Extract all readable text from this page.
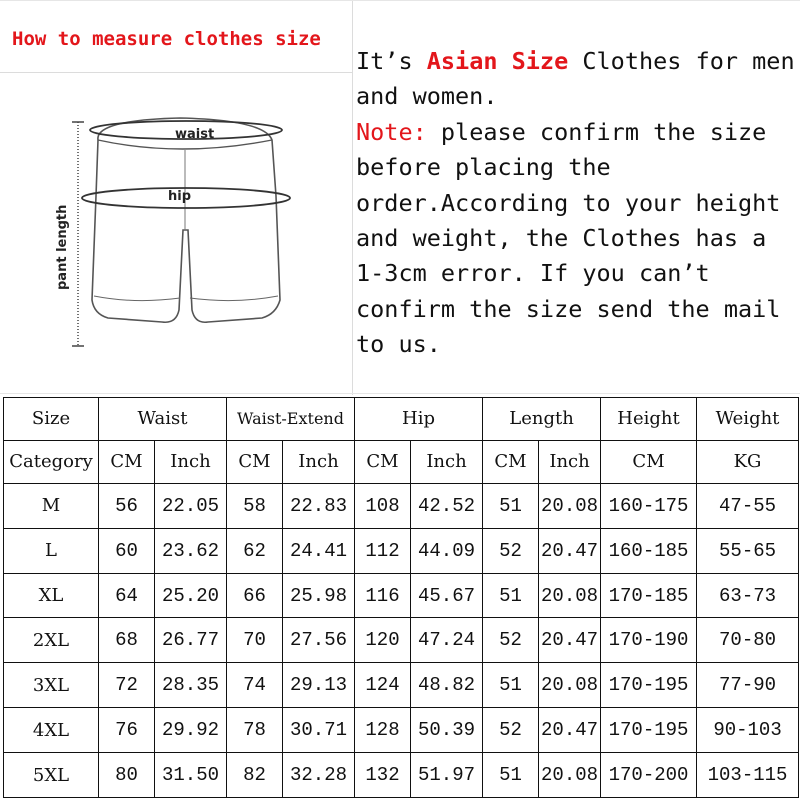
How to measure clothes size
pant length
waist
hip
It’s Asian Size Clothes for men and women.
Note: please confirm the size before placing the order.According to your height and weight, the Clothes has a 1-3cm error. If you can’t confirm the size send the mail to us.
Size	Waist		Waist-Extend		Hip		Length		Height	Weight
Category	CM	Inch	CM	Inch	CM	Inch	CM	Inch	CM	KG
M	56	22.05	58	22.83	108	42.52	51	20.08	160-175	47-55
L	60	23.62	62	24.41	112	44.09	52	20.47	160-185	55-65
XL	64	25.20	66	25.98	116	45.67	51	20.08	170-185	63-73
2XL	68	26.77	70	27.56	120	47.24	52	20.47	170-190	70-80
3XL	72	28.35	74	29.13	124	48.82	51	20.08	170-195	77-90
4XL	76	29.92	78	30.71	128	50.39	52	20.47	170-195	90-103
5XL	80	31.50	82	32.28	132	51.97	51	20.08	170-200	103-115
